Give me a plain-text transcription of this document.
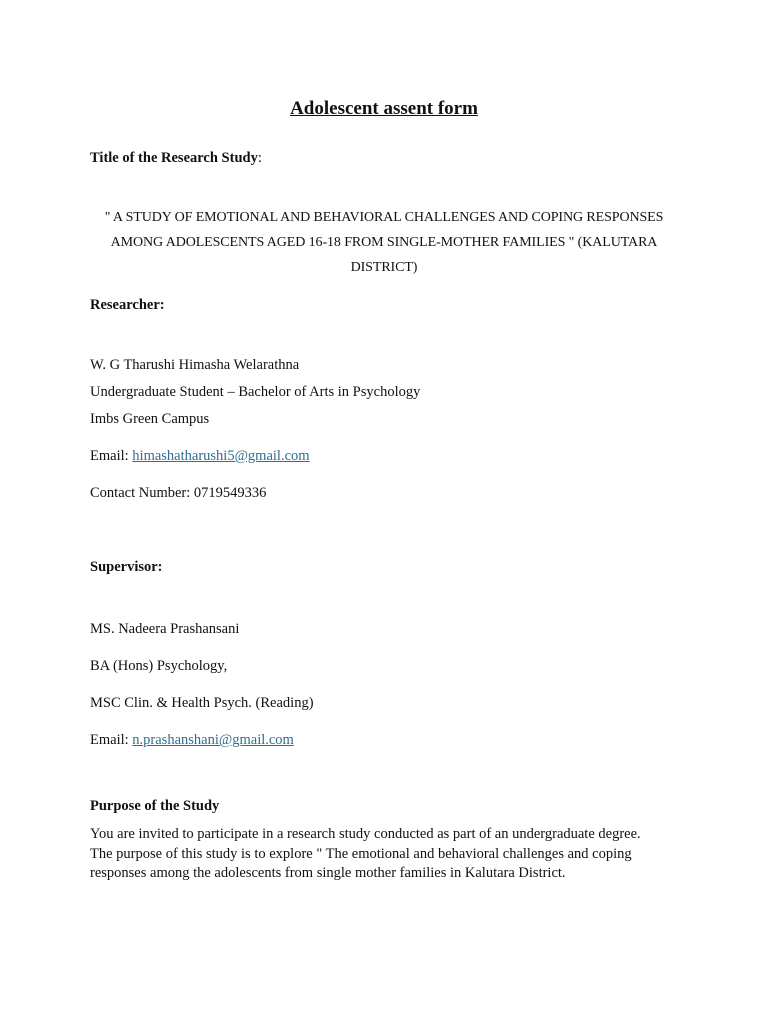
Adolescent assent form
Title of the Research Study:
" A STUDY OF EMOTIONAL AND BEHAVIORAL CHALLENGES AND COPING RESPONSES
AMONG ADOLESCENTS AGED 16-18 FROM SINGLE-MOTHER FAMILIES " (KALUTARA
DISTRICT)
Researcher:
W. G Tharushi Himasha Welarathna
Undergraduate Student – Bachelor of Arts in Psychology
Imbs Green Campus
Email: himashatharushi5@gmail.com
Contact Number: 0719549336
Supervisor:
MS. Nadeera Prashansani
BA (Hons) Psychology,
MSC Clin. & Health Psych. (Reading)
Email: n.prashanshani@gmail.com
Purpose of the Study
You are invited to participate in a research study conducted as part of an undergraduate degree.
The purpose of this study is to explore " The emotional and behavioral challenges and coping
responses among the adolescents from single mother families in Kalutara District.
